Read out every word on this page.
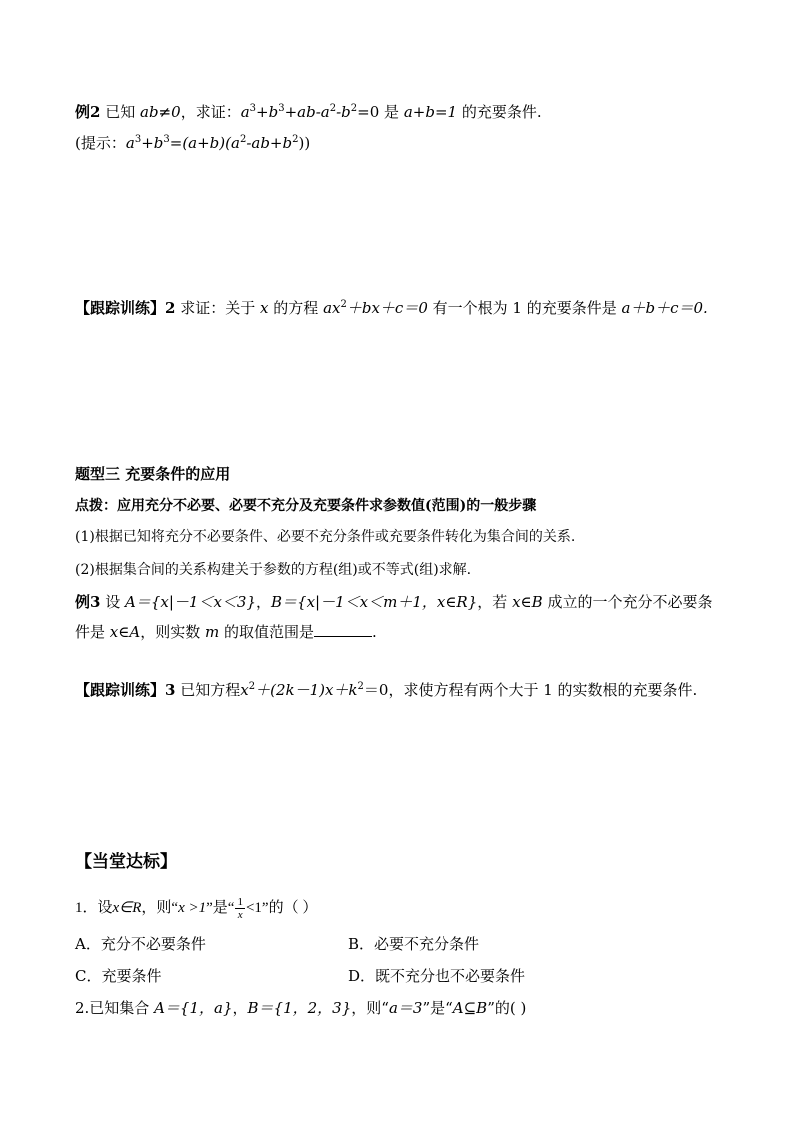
例2 已知 ab≠0，求证：$a^3+b^3+ab-a^2-b^2=0$ 是 a+b=1 的充要条件.
(提示：$a^3+b^3=(a+b)(a^2-ab+b^2)$)
【跟踪训练】2 求证：关于 x 的方程 $ax^2+bx+c=0$ 有一个根为 1 的充要条件是 a＋b＋c＝0.
题型三 充要条件的应用
点拨：应用充分不必要、必要不充分及充要条件求参数值(范围)的一般步骤
(1)根据已知将充分不必要条件、必要不充分条件或充要条件转化为集合间的关系.
(2)根据集合间的关系构建关于参数的方程(组)或不等式(组)求解.
例3 设 A＝{x|－1＜x＜3}，B＝{x|－1＜x＜m＋1，x∈R}，若 x∈B 成立的一个充分不必要条
件是 x∈A，则实数 m 的取值范围是	.
【跟踪训练】3 已知方程$x^2+(2k-1)x+k^2=0$，求使方程有两个大于 1 的实数根的充要条件.
【当堂达标】
1．设x∈R，则“x >1”是“ $\frac{1}{x} <1$”的（ ）
A．充分不必要条件	B．必要不充分条件
C．充要条件	D．既不充分也不必要条件
2.已知集合 A＝{1，a}，B＝{1，2，3}，则“a＝3”是“A⊆B”的( )
